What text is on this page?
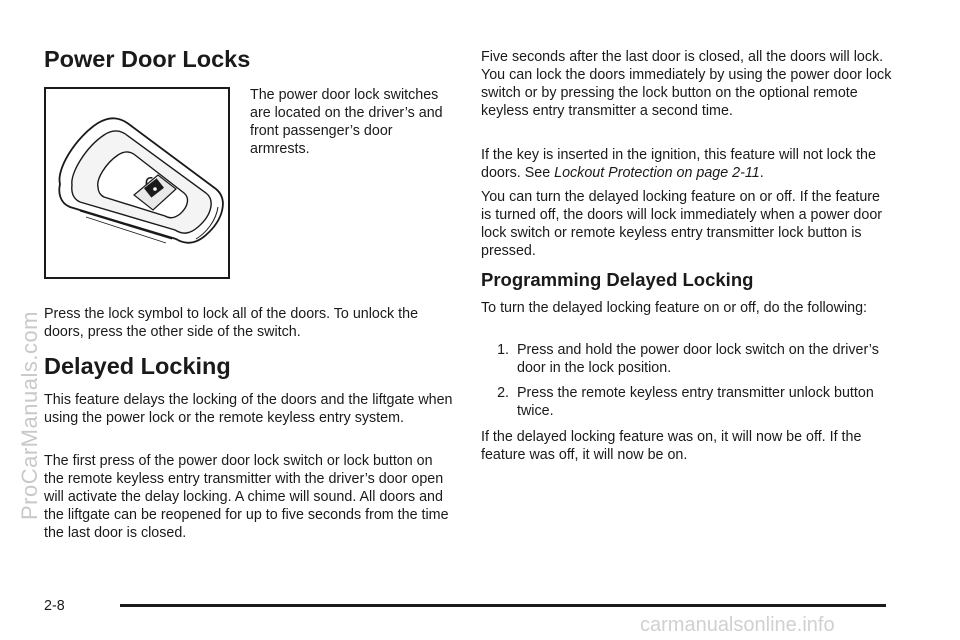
Power Door Locks

The power door lock switches are located on the driver’s and front passenger’s door armrests.

Press the lock symbol to lock all of the doors. To unlock the doors, press the other side of the switch.

Delayed Locking

This feature delays the locking of the doors and the liftgate when using the power lock or the remote keyless entry system.

The first press of the power door lock switch or lock button on the remote keyless entry transmitter with the driver’s door open will activate the delay locking. A chime will sound. All doors and the liftgate can be reopened for up to five seconds from the time the last door is closed.

Five seconds after the last door is closed, all the doors will lock. You can lock the doors immediately by using the power door lock switch or by pressing the lock button on the optional remote keyless entry transmitter a second time.

If the key is inserted in the ignition, this feature will not lock the doors. See Lockout Protection on page 2-11.

You can turn the delayed locking feature on or off. If the feature is turned off, the doors will lock immediately when a power door lock switch or remote keyless entry transmitter lock button is pressed.

Programming Delayed Locking

To turn the delayed locking feature on or off, do the following:

1. Press and hold the power door lock switch on the driver’s door in the lock position.
2. Press the remote keyless entry transmitter unlock button twice.

If the delayed locking feature was on, it will now be off. If the feature was off, it will now be on.

2-8
ProCarManuals.com
carmanualsonline.info
